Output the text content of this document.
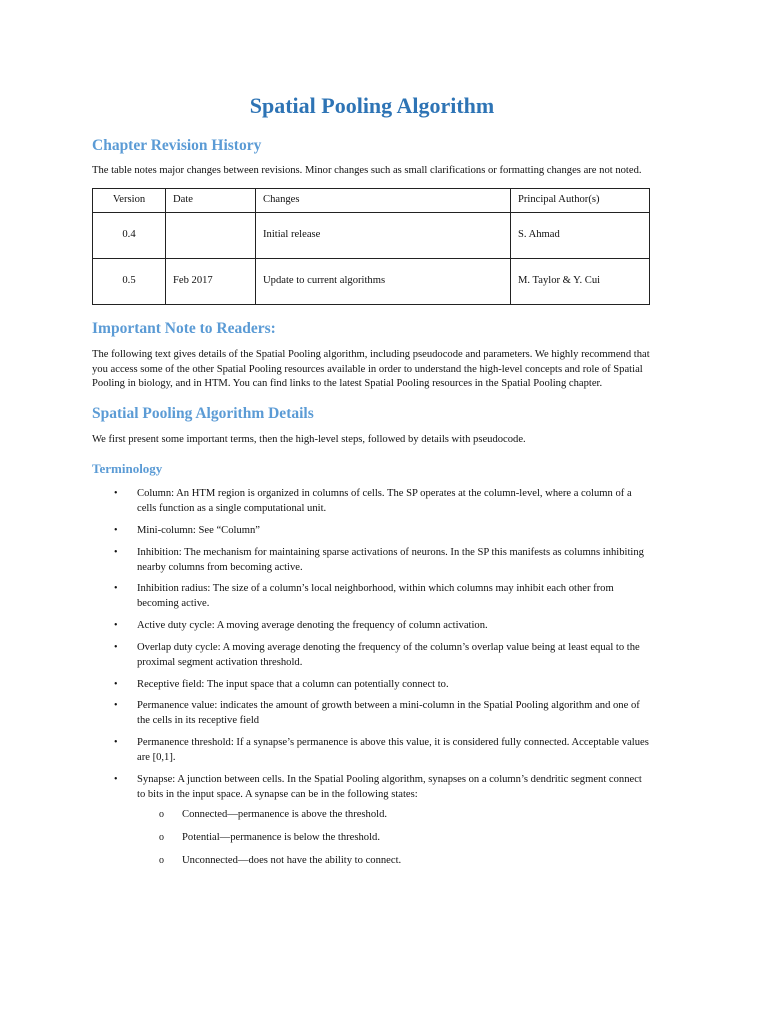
Spatial Pooling Algorithm
Chapter Revision History

The table notes major changes between revisions. Minor changes such as small clarifications or formatting changes are not noted.

Version	Date	Changes	Principal Author(s)
0.4		Initial release	S. Ahmad
0.5	Feb 2017	Update to current algorithms	M. Taylor & Y. Cui
Important Note to Readers:

The following text gives details of the Spatial Pooling algorithm, including pseudocode and parameters. We highly recommend that you access some of the other Spatial Pooling resources available in order to understand the high-level concepts and role of Spatial Pooling in biology, and in HTM. You can find links to the latest Spatial Pooling resources in the Spatial Pooling chapter.

Spatial Pooling Algorithm Details

We first present some important terms, then the high-level steps, followed by details with pseudocode.

Terminology
• Column: An HTM region is organized in columns of cells. The SP operates at the column-level, where a column of a cells function as a single computational unit.
• Mini-column: See “Column”
• Inhibition: The mechanism for maintaining sparse activations of neurons. In the SP this manifests as columns inhibiting nearby columns from becoming active.
• Inhibition radius: The size of a column’s local neighborhood, within which columns may inhibit each other from becoming active.
• Active duty cycle: A moving average denoting the frequency of column activation.
• Overlap duty cycle: A moving average denoting the frequency of the column’s overlap value being at least equal to the proximal segment activation threshold.
• Receptive field: The input space that a column can potentially connect to.
• Permanence value: indicates the amount of growth between a mini-column in the Spatial Pooling algorithm and one of the cells in its receptive field
• Permanence threshold: If a synapse’s permanence is above this value, it is considered fully connected. Acceptable values are [0,1].
• Synapse: A junction between cells. In the Spatial Pooling algorithm, synapses on a column’s dendritic segment connect to bits in the input space. A synapse can be in the following states:
o Connected—permanence is above the threshold.
o Potential—permanence is below the threshold.
o Unconnected—does not have the ability to connect.
